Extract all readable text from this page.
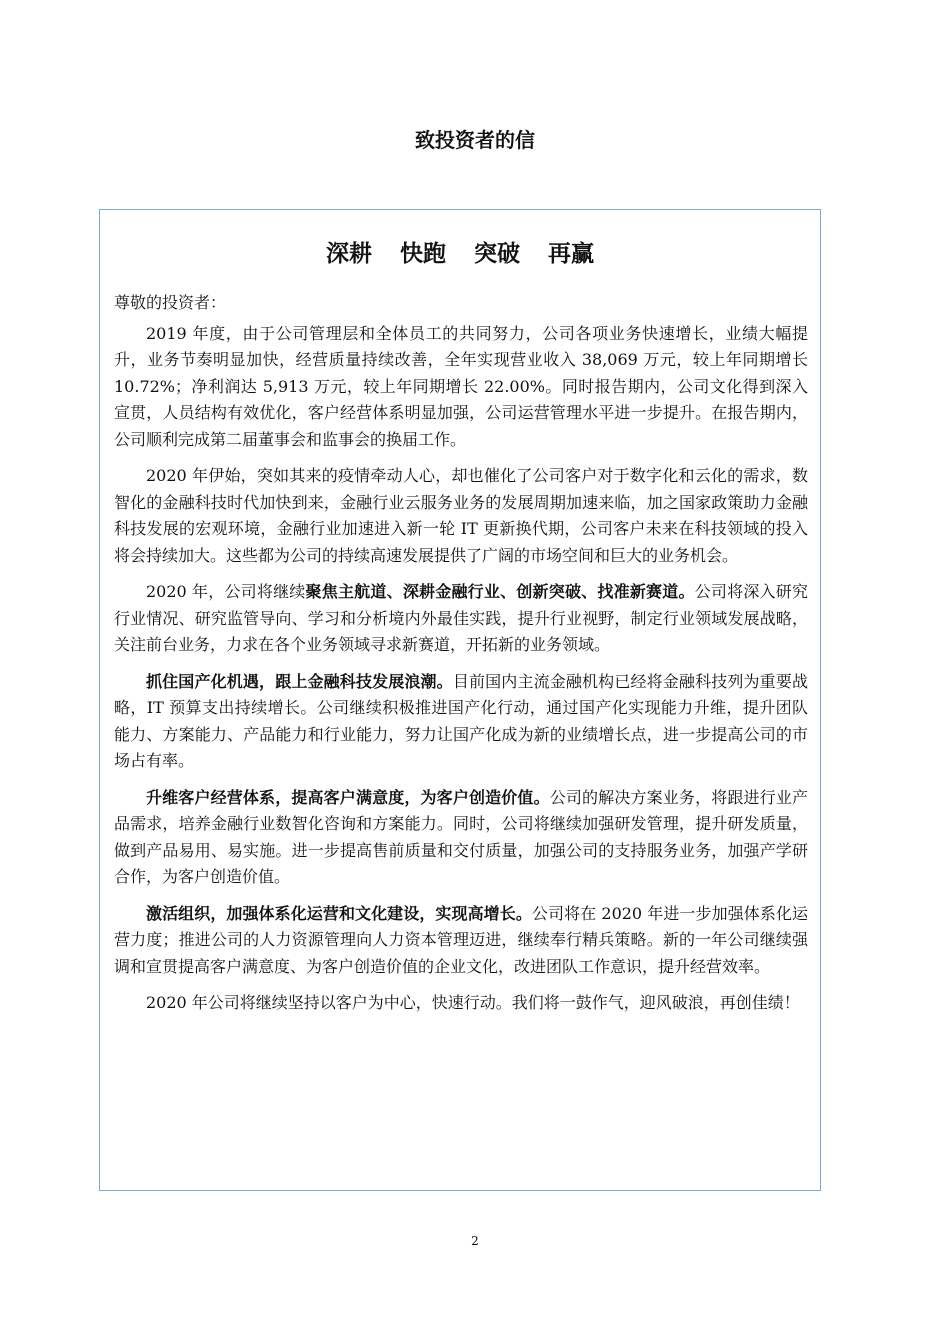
致投资者的信
深耕  快跑  突破  再赢

尊敬的投资者：

2019 年度，由于公司管理层和全体员工的共同努力，公司各项业务快速增长，业绩大幅提升，业务节奏明显加快，经营质量持续改善，全年实现营业收入 38,069 万元，较上年同期增长 10.72%；净利润达 5,913 万元，较上年同期增长 22.00%。同时报告期内，公司文化得到深入宣贯，人员结构有效优化，客户经营体系明显加强，公司运营管理水平进一步提升。在报告期内，公司顺利完成第二届董事会和监事会的换届工作。

2020 年伊始，突如其来的疫情牵动人心，却也催化了公司客户对于数字化和云化的需求，数智化的金融科技时代加快到来，金融行业云服务业务的发展周期加速来临，加之国家政策助力金融科技发展的宏观环境，金融行业加速进入新一轮 IT 更新换代期，公司客户未来在科技领域的投入将会持续加大。这些都为公司的持续高速发展提供了广阔的市场空间和巨大的业务机会。

2020 年，公司将继续聚焦主航道、深耕金融行业、创新突破、找准新赛道。公司将深入研究行业情况、研究监管导向、学习和分析境内外最佳实践，提升行业视野，制定行业领域发展战略，关注前台业务，力求在各个业务领域寻求新赛道，开拓新的业务领域。

抓住国产化机遇，跟上金融科技发展浪潮。目前国内主流金融机构已经将金融科技列为重要战略，IT 预算支出持续增长。公司继续积极推进国产化行动，通过国产化实现能力升维，提升团队能力、方案能力、产品能力和行业能力，努力让国产化成为新的业绩增长点，进一步提高公司的市场占有率。

升维客户经营体系，提高客户满意度，为客户创造价值。公司的解决方案业务，将跟进行业产品需求，培养金融行业数智化咨询和方案能力。同时，公司将继续加强研发管理，提升研发质量，做到产品易用、易实施。进一步提高售前质量和交付质量，加强公司的支持服务业务，加强产学研合作，为客户创造价值。

激活组织，加强体系化运营和文化建设，实现高增长。公司将在 2020 年进一步加强体系化运营力度；推进公司的人力资源管理向人力资本管理迈进，继续奉行精兵策略。新的一年公司继续强调和宣贯提高客户满意度、为客户创造价值的企业文化，改进团队工作意识，提升经营效率。

2020 年公司将继续坚持以客户为中心，快速行动。我们将一鼓作气，迎风破浪，再创佳绩！

2
